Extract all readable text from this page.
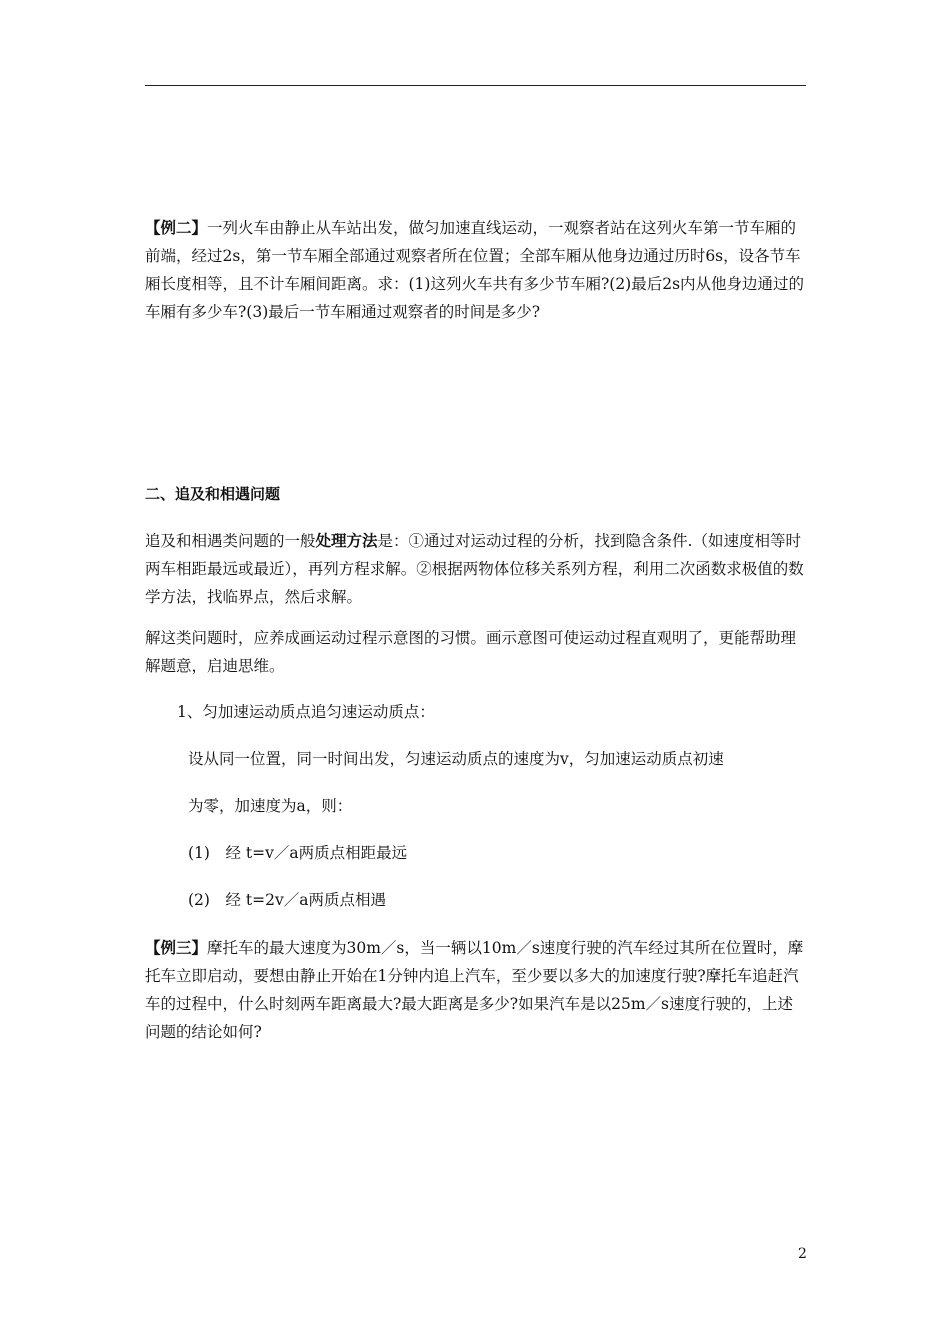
【例二】一列火车由静止从车站出发，做匀加速直线运动，一观察者站在这列火车第一节车厢的前端，经过2s，第一节车厢全部通过观察者所在位置；全部车厢从他身边通过历时6s，设各节车厢长度相等，且不计车厢间距离。求：(1)这列火车共有多少节车厢?(2)最后2s内从他身边通过的车厢有多少车?(3)最后一节车厢通过观察者的时间是多少?

二、追及和相遇问题

追及和相遇类问题的一般处理方法是：①通过对运动过程的分析，找到隐含条件.（如速度相等时两车相距最远或最近），再列方程求解。②根据两物体位移关系列方程，利用二次函数求极值的数学方法，找临界点，然后求解。

解这类问题时，应养成画运动过程示意图的习惯。画示意图可使运动过程直观明了，更能帮助理解题意，启迪思维。

1、匀加速运动质点追匀速运动质点：

设从同一位置，同一时间出发，匀速运动质点的速度为v，匀加速运动质点初速

为零，加速度为a，则：

(1)　经 t=v／a两质点相距最远

(2)　经 t=2v／a两质点相遇

【例三】摩托车的最大速度为30m／s，当一辆以10m／s速度行驶的汽车经过其所在位置时，摩托车立即启动，要想由静止开始在1分钟内追上汽车，至少要以多大的加速度行驶?摩托车追赶汽车的过程中，什么时刻两车距离最大?最大距离是多少?如果汽车是以25m／s速度行驶的，上述问题的结论如何?

2
